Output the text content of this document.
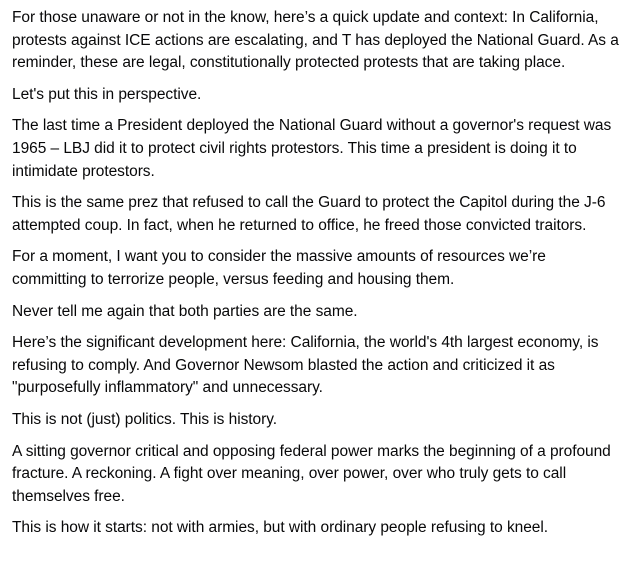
For those unaware or not in the know, here’s a quick update and context: In California, protests against ICE actions are escalating, and T has deployed the National Guard. As a reminder, these are legal, constitutionally protected protests that are taking place.

Let's put this in perspective.

The last time a President deployed the National Guard without a governor's request was 1965 – LBJ did it to protect civil rights protestors. This time a president is doing it to intimidate protestors.

This is the same prez that refused to call the Guard to protect the Capitol during the J-6 attempted coup. In fact, when he returned to office, he freed those convicted traitors.

For a moment, I want you to consider the massive amounts of resources we’re committing to terrorize people, versus feeding and housing them.

Never tell me again that both parties are the same.

Here’s the significant development here: California, the world's 4th largest economy, is refusing to comply. And Governor Newsom blasted the action and criticized it as "purposefully inflammatory" and unnecessary.

This is not (just) politics. This is history.

A sitting governor critical and opposing federal power marks the beginning of a profound fracture. A reckoning. A fight over meaning, over power, over who truly gets to call themselves free.

This is how it starts: not with armies, but with ordinary people refusing to kneel.
